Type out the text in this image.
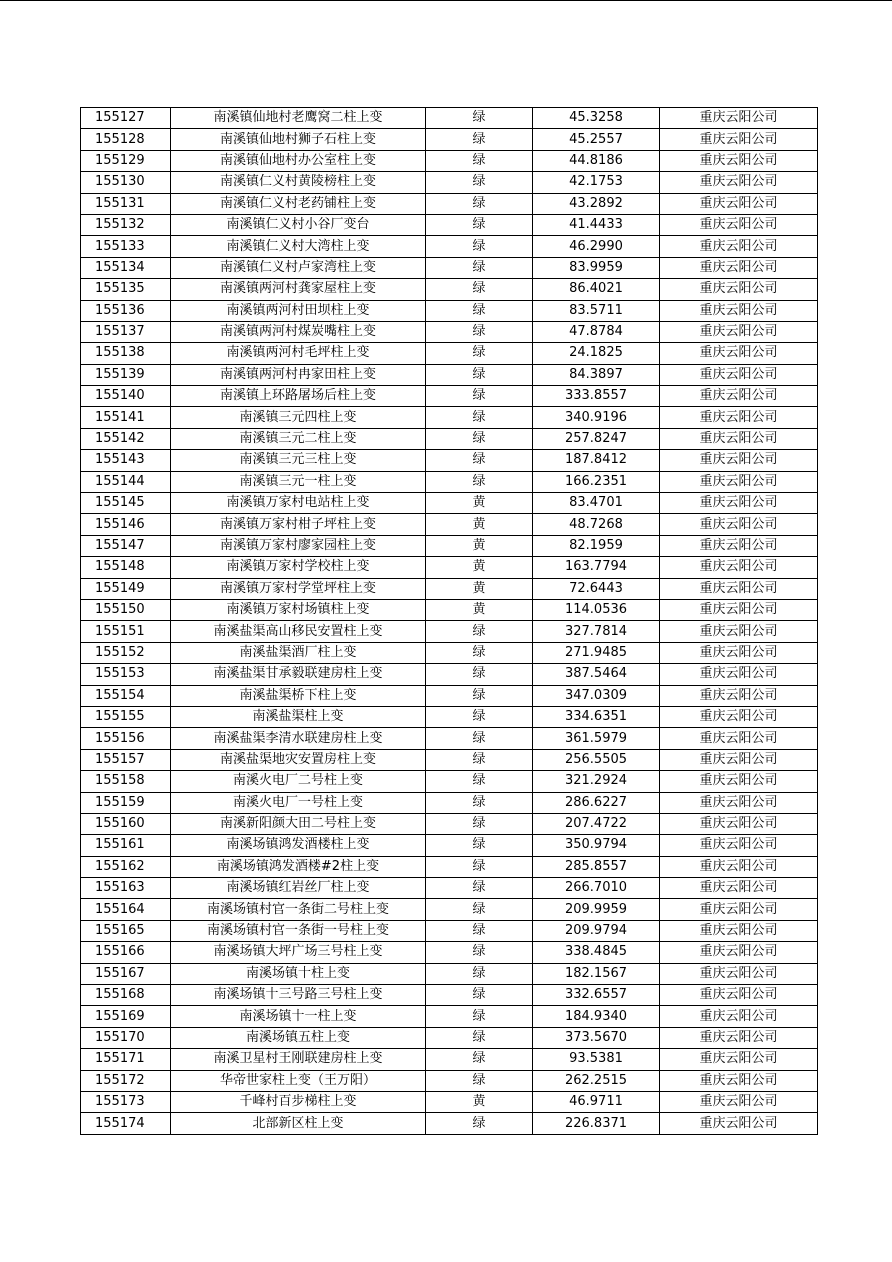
155127	南溪镇仙地村老鹰窝二柱上变	绿	45.3258	重庆云阳公司
155128	南溪镇仙地村狮子石柱上变	绿	45.2557	重庆云阳公司
155129	南溪镇仙地村办公室柱上变	绿	44.8186	重庆云阳公司
155130	南溪镇仁义村黄陵榜柱上变	绿	42.1753	重庆云阳公司
155131	南溪镇仁义村老药铺柱上变	绿	43.2892	重庆云阳公司
155132	南溪镇仁义村小谷厂变台	绿	41.4433	重庆云阳公司
155133	南溪镇仁义村大湾柱上变	绿	46.2990	重庆云阳公司
155134	南溪镇仁义村卢家湾柱上变	绿	83.9959	重庆云阳公司
155135	南溪镇两河村龚家屋柱上变	绿	86.4021	重庆云阳公司
155136	南溪镇两河村田坝柱上变	绿	83.5711	重庆云阳公司
155137	南溪镇两河村煤炭嘴柱上变	绿	47.8784	重庆云阳公司
155138	南溪镇两河村毛坪柱上变	绿	24.1825	重庆云阳公司
155139	南溪镇两河村冉家田柱上变	绿	84.3897	重庆云阳公司
155140	南溪镇上环路屠场后柱上变	绿	333.8557	重庆云阳公司
155141	南溪镇三元四柱上变	绿	340.9196	重庆云阳公司
155142	南溪镇三元二柱上变	绿	257.8247	重庆云阳公司
155143	南溪镇三元三柱上变	绿	187.8412	重庆云阳公司
155144	南溪镇三元一柱上变	绿	166.2351	重庆云阳公司
155145	南溪镇万家村电站柱上变	黄	83.4701	重庆云阳公司
155146	南溪镇万家村柑子坪柱上变	黄	48.7268	重庆云阳公司
155147	南溪镇万家村廖家园柱上变	黄	82.1959	重庆云阳公司
155148	南溪镇万家村学校柱上变	黄	163.7794	重庆云阳公司
155149	南溪镇万家村学堂坪柱上变	黄	72.6443	重庆云阳公司
155150	南溪镇万家村场镇柱上变	黄	114.0536	重庆云阳公司
155151	南溪盐渠高山移民安置柱上变	绿	327.7814	重庆云阳公司
155152	南溪盐渠酒厂柱上变	绿	271.9485	重庆云阳公司
155153	南溪盐渠甘承毅联建房柱上变	绿	387.5464	重庆云阳公司
155154	南溪盐渠桥下柱上变	绿	347.0309	重庆云阳公司
155155	南溪盐渠柱上变	绿	334.6351	重庆云阳公司
155156	南溪盐渠李清水联建房柱上变	绿	361.5979	重庆云阳公司
155157	南溪盐渠地灾安置房柱上变	绿	256.5505	重庆云阳公司
155158	南溪火电厂二号柱上变	绿	321.2924	重庆云阳公司
155159	南溪火电厂一号柱上变	绿	286.6227	重庆云阳公司
155160	南溪新阳颜大田二号柱上变	绿	207.4722	重庆云阳公司
155161	南溪场镇鸿发酒楼柱上变	绿	350.9794	重庆云阳公司
155162	南溪场镇鸿发酒楼#2柱上变	绿	285.8557	重庆云阳公司
155163	南溪场镇红岩丝厂柱上变	绿	266.7010	重庆云阳公司
155164	南溪场镇村官一条街二号柱上变	绿	209.9959	重庆云阳公司
155165	南溪场镇村官一条街一号柱上变	绿	209.9794	重庆云阳公司
155166	南溪场镇大坪广场三号柱上变	绿	338.4845	重庆云阳公司
155167	南溪场镇十柱上变	绿	182.1567	重庆云阳公司
155168	南溪场镇十三号路三号柱上变	绿	332.6557	重庆云阳公司
155169	南溪场镇十一柱上变	绿	184.9340	重庆云阳公司
155170	南溪场镇五柱上变	绿	373.5670	重庆云阳公司
155171	南溪卫星村王刚联建房柱上变	绿	93.5381	重庆云阳公司
155172	华帝世家柱上变（王万阳）	绿	262.2515	重庆云阳公司
155173	千峰村百步梯柱上变	黄	46.9711	重庆云阳公司
155174	北部新区柱上变	绿	226.8371	重庆云阳公司
